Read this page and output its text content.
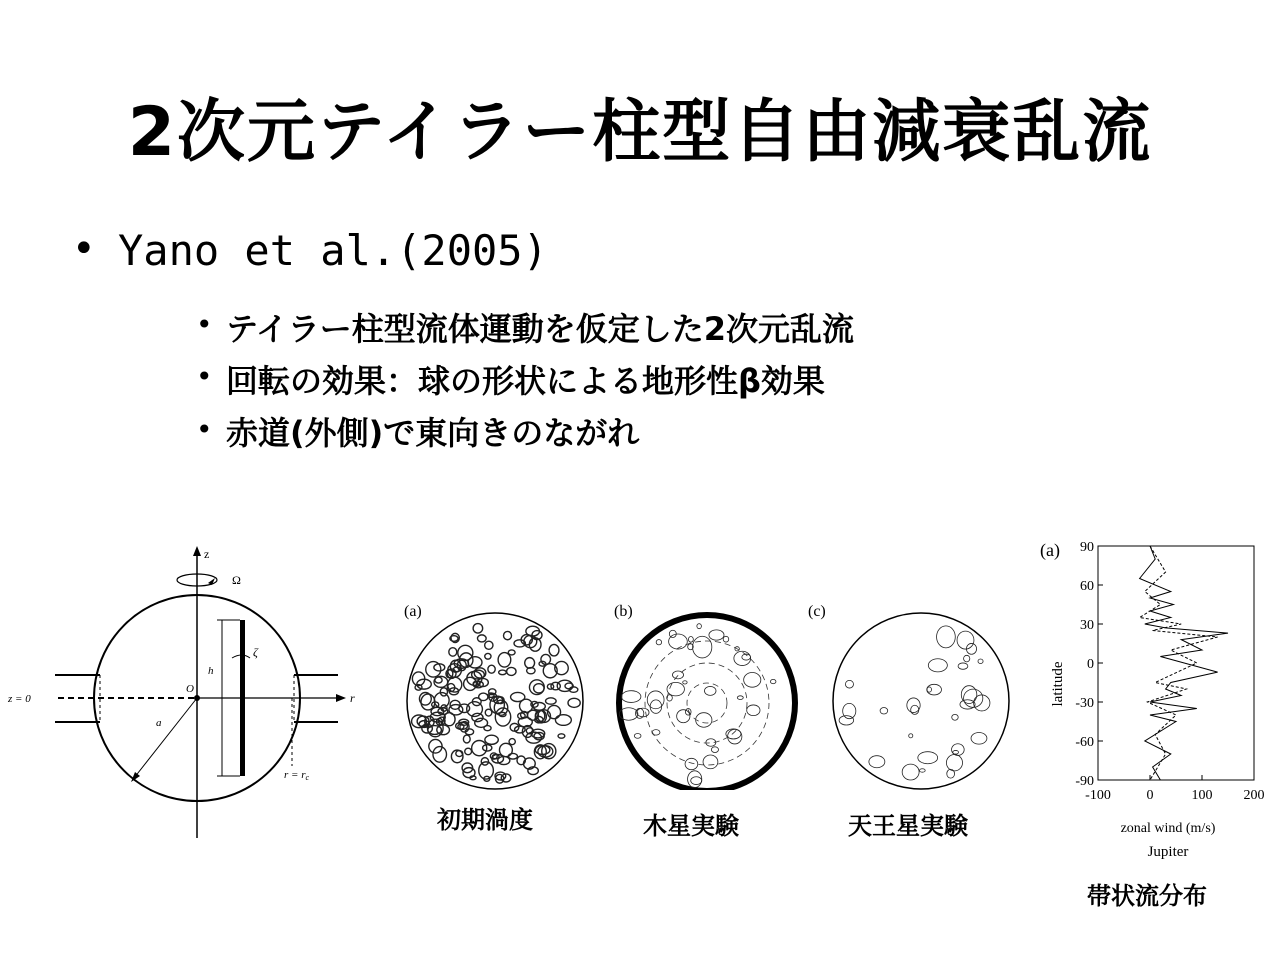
2次元テイラー柱型自由減衰乱流
• Yano et al.(2005)
• テイラー柱型流体運動を仮定した2次元乱流
• 回転の効果：球の形状による地形性β効果
• 赤道(外側)で東向きのながれ
z
Ω
r
z = 0
O
a
h
ζ
r = rc
(a)	(b)	(c)
初期渦度	木星実験	天王星実験
(a) 90
60
30
0
-30
-60
-90
-100	0	100 200
latitude
zonal wind (m/s)
Jupiter
帯状流分布
